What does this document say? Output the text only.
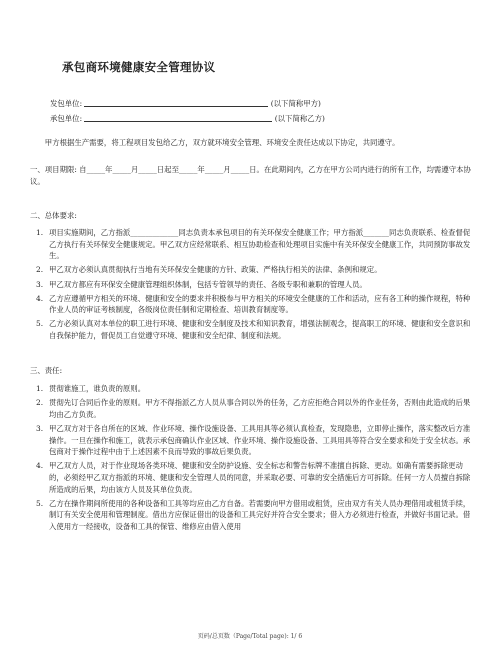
承包商环境健康安全管理协议
发包单位:	(以下简称甲方)
承包单位:	(以下简称乙方)
甲方根据生产需要，将工程项目发包给乙方，双方就环境安全管理、环境安全责任达成以下协定，共同遵守。
一、项目期限: 自_____年_____月_____日起至_____年_____月_____日。在此期间内，乙方在甲方公司内进行的所有工作，均需遵守本协议。
二、总体要求:
1. 项目实施期间，乙方指派_____________同志负责本承包项目的有关环保安全健康工作；甲方指派_______同志负责联系、检查督促乙方执行有关环保安全健康规定。甲乙双方应经常联系、相互协助检查和处理项目实施中有关环保安全健康工作，共同预防事故发生。
2. 甲乙双方必须认真贯彻执行当地有关环保安全健康的方针、政策、严格执行相关的法律、条例和规定。
3. 甲乙双方都应有环保安全健康管理组织体制，包括专管领导的责任、各级专职和兼职的管理人员。
4. 乙方应遵循甲方相关的环境、健康和安全的要求并积极参与甲方相关的环境安全健康的工作和活动，应有各工种的操作规程，特种作业人员的审证考核制度，各级岗位责任制和定期检查、培训教育制度等。
5. 乙方必须认真对本单位的职工进行环境、健康和安全制度及技术和知识教育，增强法制观念，提高职工的环境、健康和安全意识和自我保护能力，督促员工自觉遵守环境、健康和安全纪律、制度和法规。
三、责任:
1. 贯彻谁施工，谁负责的原则。
2. 贯彻先订合同后作业的原则。甲方不得指派乙方人员从事合同以外的任务，乙方应拒绝合同以外的作业任务，否则由此造成的后果均由乙方负责。
3. 甲乙双方对于各自所在的区域、作业环境、操作设施设备、工具用具等必须认真检查，发现隐患，立即停止操作，落实整改后方准操作。一旦在操作和施工，就表示承包商确认作业区域、作业环境、操作设施设备、工具用具等符合安全要求和处于安全状态。承包商对于操作过程中由于上述因素不良而导致的事故后果负责。
4. 甲乙双方人员，对于作业现场各类环境、健康和安全防护设施、安全标志和警告标牌不准擅自拆除、更动。如确有需要拆除更动的，必须经甲乙双方指派的环境、健康和安全管理人员的同意，并采取必要、可靠的安全措施后方可拆除。任何一方人员擅自拆除所造成的后果，均由该方人员及其单位负责。
5. 乙方在操作期间所使用的各种设备和工具等均应由乙方自备。若需要向甲方借用或租赁，应由双方有关人员办理借用或租赁手续，制订有关安全使用和管理制度。借出方应保证借出的设备和工具完好并符合安全要求；借入方必须进行检查，并做好书面记录。借入使用方一经接收，设备和工具的保管、维修应由借入使用
页码/总页数（Page/Total page): 1/ 6
